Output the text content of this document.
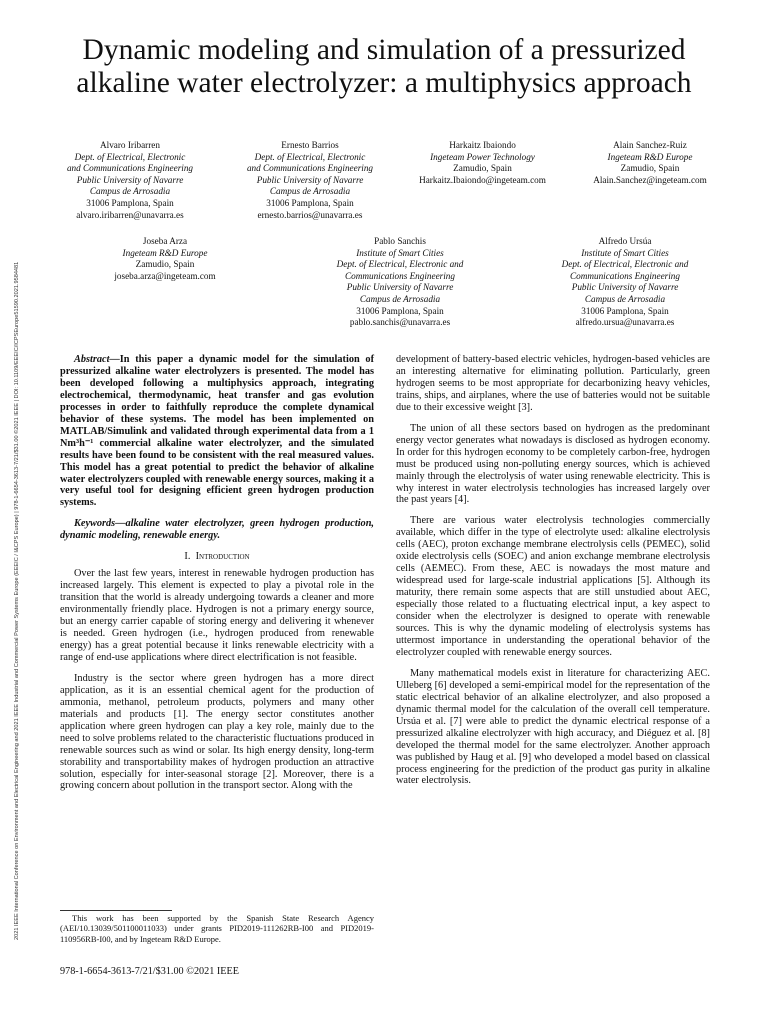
2021 IEEE International Conference on Environment and Electrical Engineering and 2021 IEEE Industrial and Commercial Power Systems Europe (EEEIC / I&CPS Europe) | 978-1-6654-3613-7/21/$31.00 ©2021 IEEE | DOI: 10.1109/EEEIC/ICPSEurope51590.2021.9584481
Dynamic modeling and simulation of a pressurized alkaline water electrolyzer: a multiphysics approach
Alvaro Iribarren
Dept. of Electrical, Electronic
and Communications Engineering
Public University of Navarre
Campus de Arrosadia
31006 Pamplona, Spain
alvaro.iribarren@unavarra.es
Ernesto Barrios
Dept. of Electrical, Electronic
and Communications Engineering
Public University of Navarre
Campus de Arrosadia
31006 Pamplona, Spain
ernesto.barrios@unavarra.es
Harkaitz Ibaiondo
Ingeteam Power Technology
Zamudio, Spain
Harkaitz.Ibaiondo@ingeteam.com
Alain Sanchez-Ruiz
Ingeteam R&D Europe
Zamudio, Spain
Alain.Sanchez@ingeteam.com
Joseba Arza
Ingeteam R&D Europe
Zamudio, Spain
joseba.arza@ingeteam.com
Pablo Sanchis
Institute of Smart Cities
Dept. of Electrical, Electronic and
Communications Engineering
Public University of Navarre
Campus de Arrosadia
31006 Pamplona, Spain
pablo.sanchis@unavarra.es
Alfredo Ursúa
Institute of Smart Cities
Dept. of Electrical, Electronic and
Communications Engineering
Public University of Navarre
Campus de Arrosadia
31006 Pamplona, Spain
alfredo.ursua@unavarra.es

Abstract—In this paper a dynamic model for the simulation of pressurized alkaline water electrolyzers is presented. The model has been developed following a multiphysics approach, integrating electrochemical, thermodynamic, heat transfer and gas evolution processes in order to faithfully reproduce the complete dynamical behavior of these systems. The model has been implemented on MATLAB/Simulink and validated through experimental data from a 1 Nm³h⁻¹ commercial alkaline water electrolyzer, and the simulated results have been found to be consistent with the real measured values. This model has a great potential to predict the behavior of alkaline water electrolyzers coupled with renewable energy sources, making it a very useful tool for designing efficient green hydrogen production systems.

Keywords—alkaline water electrolyzer, green hydrogen production, dynamic modeling, renewable energy.

I. Introduction

Over the last few years, interest in renewable hydrogen production has increased largely. This element is expected to play a pivotal role in the transition that the world is already undergoing towards a cleaner and more environmentally friendly place. Hydrogen is not a primary energy source, but an energy carrier capable of storing energy and delivering it whenever is needed. Green hydrogen (i.e., hydrogen produced from renewable energy) has a great potential because it links renewable electricity with a range of end-use applications where direct electrification is not feasible.

Industry is the sector where green hydrogen has a more direct application, as it is an essential chemical agent for the production of ammonia, methanol, petroleum products, polymers and many other materials and products [1]. The energy sector constitutes another application where green hydrogen can play a key role, mainly due to the need to solve problems related to the characteristic fluctuations produced in renewable sources such as wind or solar. Its high energy density, long-term storability and transportability makes of hydrogen production an attractive solution, especially for inter-seasonal storage [2]. Moreover, there is a growing concern about pollution in the transport sector. Along with the

This work has been supported by the Spanish State Research Agency (AEI/10.13039/501100011033) under grants PID2019-111262RB-I00 and PID2019-110956RB-I00, and by Ingeteam R&D Europe.

development of battery-based electric vehicles, hydrogen-based vehicles are an interesting alternative for eliminating pollution. Particularly, green hydrogen seems to be most appropriate for decarbonizing heavy vehicles, trains, ships, and airplanes, where the use of batteries would not be suitable due to their excessive weight [3].

The union of all these sectors based on hydrogen as the predominant energy vector generates what nowadays is disclosed as hydrogen economy. In order for this hydrogen economy to be completely carbon-free, hydrogen must be produced using non-polluting energy sources, which is achieved mainly through the electrolysis of water using renewable electricity. This is why interest in water electrolysis technologies has increased largely over the past years [4].

There are various water electrolysis technologies commercially available, which differ in the type of electrolyte used: alkaline electrolysis cells (AEC), proton exchange membrane electrolysis cells (PEMEC), solid oxide electrolysis cells (SOEC) and anion exchange membrane electrolysis cells (AEMEC). From these, AEC is nowadays the most mature and widespread used for large-scale industrial applications [5]. Although its maturity, there remain some aspects that are still unstudied about AEC, especially those related to a fluctuating electrical input, a key aspect to consider when the electrolyzer is designed to operate with renewable sources. This is why the dynamic modeling of electrolysis systems has uttermost importance in understanding the operational behavior of the electrolyzer coupled with renewable energy sources.

Many mathematical models exist in literature for characterizing AEC. Ulleberg [6] developed a semi-empirical model for the representation of the static electrical behavior of an alkaline electrolyzer, and also proposed a dynamic thermal model for the calculation of the overall cell temperature. Ursúa et al. [7] were able to predict the dynamic electrical response of a pressurized alkaline electrolyzer with high accuracy, and Diéguez et al. [8] developed the thermal model for the same electrolyzer. Another approach was published by Haug et al. [9] who developed a model based on classical process engineering for the prediction of the product gas purity in alkaline water electrolysis.

978-1-6654-3613-7/21/$31.00 ©2021 IEEE
